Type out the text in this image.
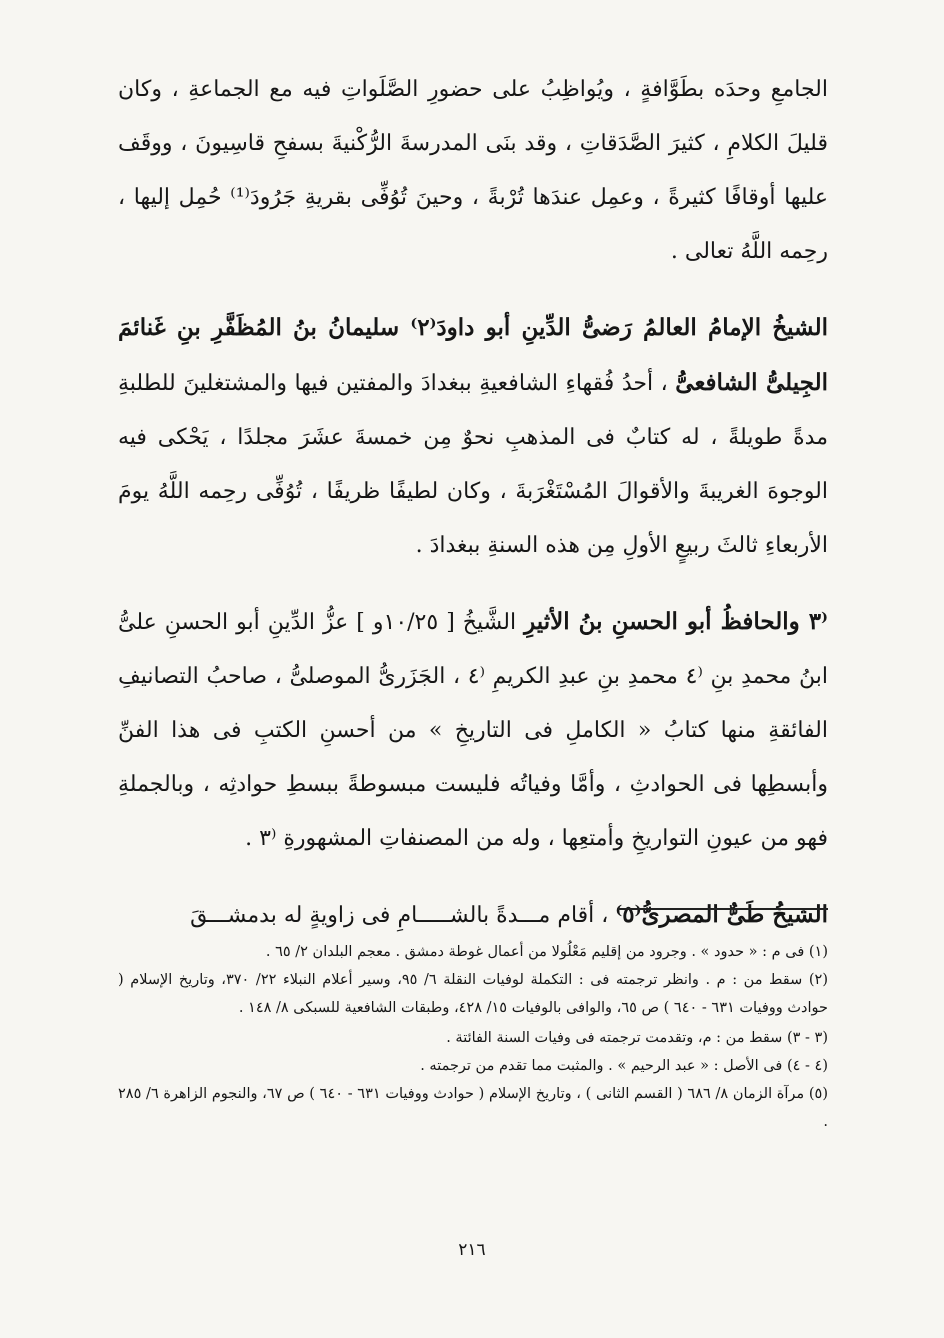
الجامعِ وحدَه بطَوَّافةٍ ، ويُواظِبُ على حضورِ الصَّلَواتِ فيه مع الجماعةِ ، وكان قليلَ الكلامِ ، كثيرَ الصَّدَقاتِ ، وقد بنَى المدرسةَ الرُّكْنيةَ بسفحِ قاسِيونَ ، ووقَف عليها أوقافًا كثيرةً ، وعمِل عندَها تُرْبةً ، وحينَ تُوُفِّى بقريةِ جَرُودَ⁽¹⁾ حُمِل إليها ، رحِمه اللَّهُ تعالى .

الشيخُ الإمامُ العالمُ رَضىُّ الدِّينِ أبو داودَ⁽٢⁾ سليمانُ بنُ المُظَفَّرِ بنِ غَنائمَ الجِيلىُّ الشافعىُّ ، أحدُ فُقهاءِ الشافعيةِ ببغدادَ والمفتين فيها والمشتغلينَ للطلبةِ مدةً طويلةً ، له كتابٌ فى المذهبِ نحوٌ مِن خمسةَ عشَرَ مجلدًا ، يَحْكى فيه الوجوهَ الغريبةَ والأقوالَ المُسْتَغْرَبةَ ، وكان لطيفًا ظريفًا ، تُوُفِّى رحِمه اللَّهُ يومَ الأربعاءِ ثالثَ ربيعٍ الأولِ مِن هذه السنةِ ببغدادَ .

⁽٣ والحافظُ أبو الحسنِ بنُ الأثيرِ الشَّيخُ [ ١٠/٢٥و ] عزُّ الدِّينِ أبو الحسنِ علىُّ ابنُ محمدِ بنِ ⁽٤ محمدِ بنِ عبدِ الكريمِ ⁽٤ ، الجَزَرىُّ الموصلىُّ ، صاحبُ التصانيفِ الفائقةِ منها كتابُ « الكاملِ فى التاريخِ » من أحسنِ الكتبِ فى هذا الفنِّ وأبسطِها فى الحوادثِ ، وأمَّا وفياتُه فليست مبسوطةً ببسطِ حوادثِه ، وبالجملةِ فهو من عيونِ التواريخِ وأمتعِها ، وله من المصنفاتِ المشهورةِ ⁽٣ .

الشيخُ طَىٌّ المصرىُّ⁽٥⁾ ، أقام مـــدةً بالشـــــامِ فى زاويةٍ له بدمشـــقَ

(١) فى م : « حدود » . وجرود من إقليم مَعْلُولا من أعمال غوطة دمشق . معجم البلدان ٢/ ٦٥ .

(٢) سقط من : م . وانظر ترجمته فى : التكملة لوفيات النقلة ٦/ ٩٥، وسير أعلام النبلاء ٢٢/ ٣٧٠، وتاريخ الإسلام ( حوادث ووفيات ٦٣١ - ٦٤٠ ) ص ٦٥، والوافى بالوفيات ١٥/ ٤٢٨، وطبقات الشافعية للسبكى ٨/ ١٤٨ .

(٣ - ٣) سقط من : م، وتقدمت ترجمته فى وفيات السنة الفائتة .

(٤ - ٤) فى الأصل : « عبد الرحيم » . والمثبت مما تقدم من ترجمته .

(٥) مرآة الزمان ٨/ ٦٨٦ ( القسم الثانى ) ، وتاريخ الإسلام ( حوادث ووفيات ٦٣١ - ٦٤٠ ) ص ٦٧، والنجوم الزاهرة ٦/ ٢٨٥ .

٢١٦
